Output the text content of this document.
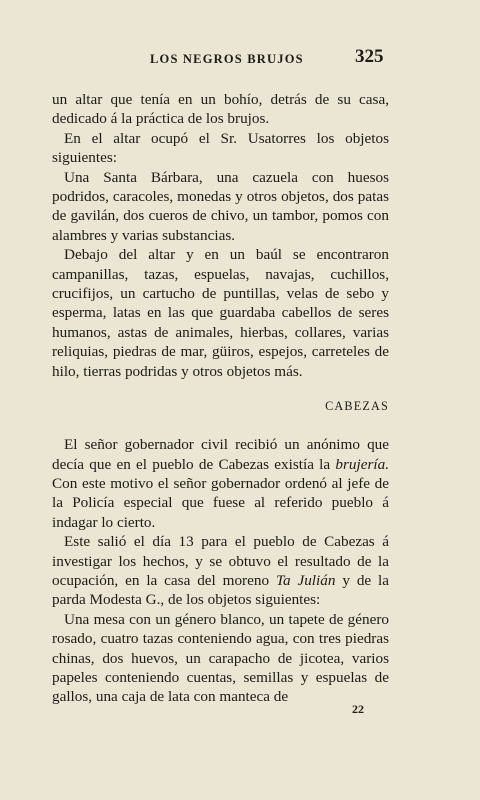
LOS NEGROS BRUJOS	325

un altar que tenía en un bohío, detrás de su casa, dedicado á la práctica de los brujos.

En el altar ocupó el Sr. Usatorres los objetos siguientes:

Una Santa Bárbara, una cazuela con huesos podridos, caracoles, monedas y otros objetos, dos patas de gavilán, dos cueros de chivo, un tambor, pomos con alambres y varias substancias.

Debajo del altar y en un baúl se encontraron campanillas, tazas, espuelas, navajas, cuchillos, crucifijos, un cartucho de puntillas, velas de sebo y esperma, latas en las que guardaba cabellos de seres humanos, astas de animales, hierbas, collares, varias reliquias, piedras de mar, güiros, espejos, carreteles de hilo, tierras podridas y otros objetos más.

CABEZAS

El señor gobernador civil recibió un anónimo que decía que en el pueblo de Cabezas existía la brujería. Con este motivo el señor gobernador ordenó al jefe de la Policía especial que fuese al referido pueblo á indagar lo cierto.

Este salió el día 13 para el pueblo de Cabezas á investigar los hechos, y se obtuvo el resultado de la ocupación, en la casa del moreno Ta Julián y de la parda Modesta G., de los objetos siguientes:

Una mesa con un género blanco, un tapete de género rosado, cuatro tazas conteniendo agua, con tres piedras chinas, dos huevos, un carapacho de jicotea, varios papeles conteniendo cuentas, semillas y espuelas de gallos, una caja de lata con manteca de

22
